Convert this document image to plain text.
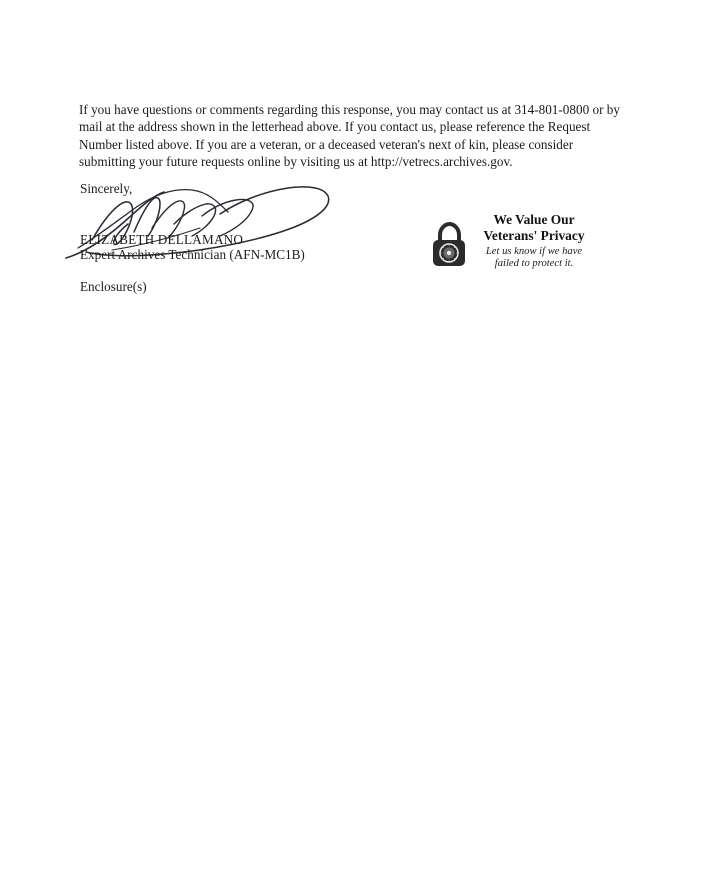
If you have questions or comments regarding this response, you may contact us at 314-801-0800 or by mail at the address shown in the letterhead above. If you contact us, please reference the Request Number listed above. If you are a veteran, or a deceased veteran's next of kin, please consider submitting your future requests online by visiting us at http://vetrecs.archives.gov.

Sincerely,
ELIZABETH DELLAMANO
Expert Archives Technician (AFN-MC1B)
Enclosure(s)
We Value Our
Veterans' Privacy
Let us know if we have
failed to protect it.
